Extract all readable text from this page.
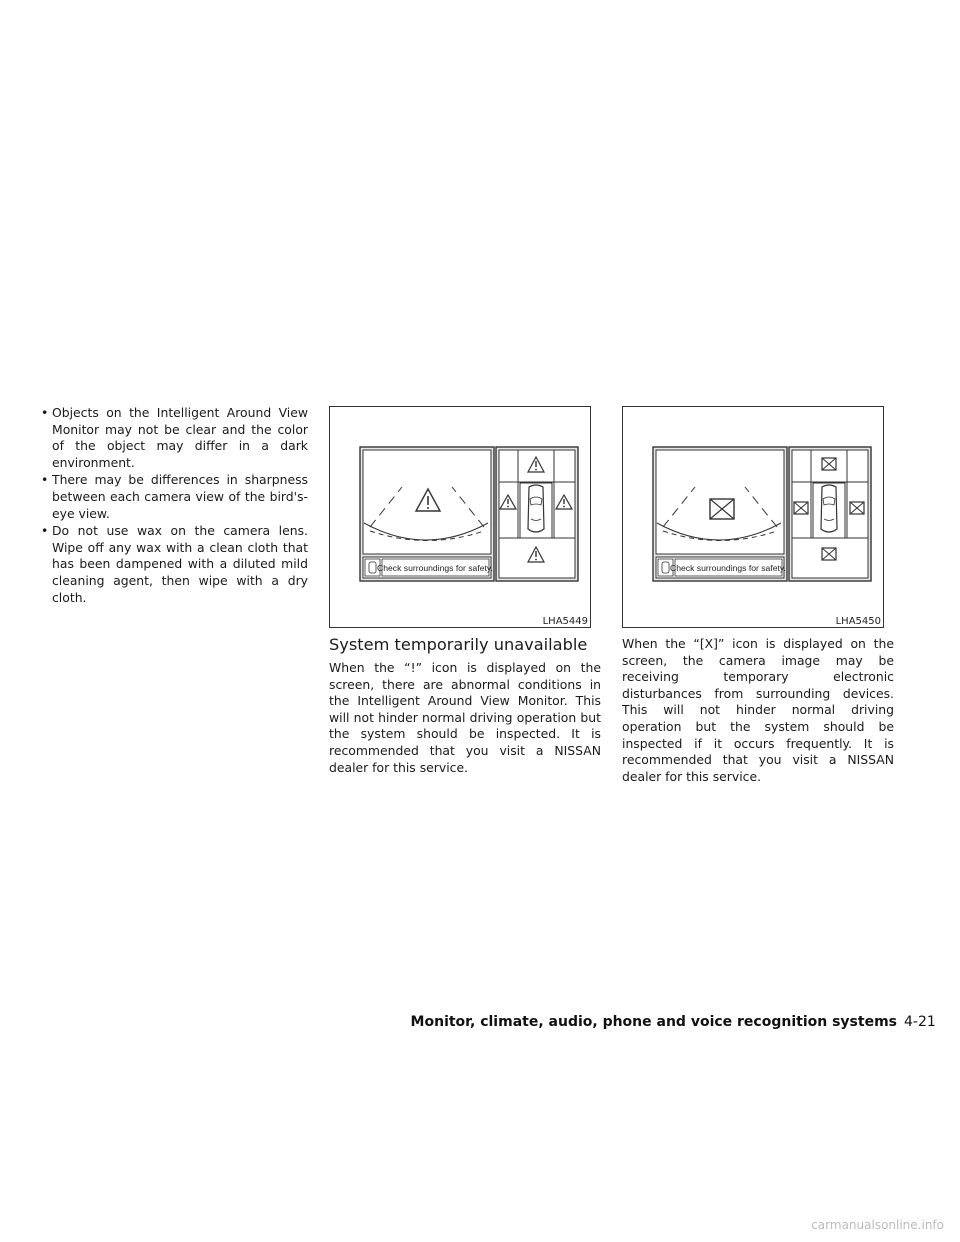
• Objects on the Intelligent Around View Monitor may not be clear and the color of the object may differ in a dark environment.
• There may be differences in sharpness between each camera view of the bird's-eye view.
• Do not use wax on the camera lens. Wipe off any wax with a clean cloth that has been dampened with a diluted mild cleaning agent, then wipe with a dry cloth.
Check surroundings for safety.
LHA5449
Check surroundings for safety.
LHA5450
System temporarily unavailable

When the “!” icon is displayed on the screen, there are abnormal conditions in the Intelligent Around View Monitor. This will not hinder normal driving operation but the system should be inspected. It is recommended that you visit a NISSAN dealer for this service.

When the “[X]” icon is displayed on the screen, the camera image may be receiving temporary electronic disturbances from surrounding devices. This will not hinder normal driving operation but the system should be inspected if it occurs frequently. It is recommended that you visit a NISSAN dealer for this service.

Monitor, climate, audio, phone and voice recognition systems 4-21
carmanualsonline.info
